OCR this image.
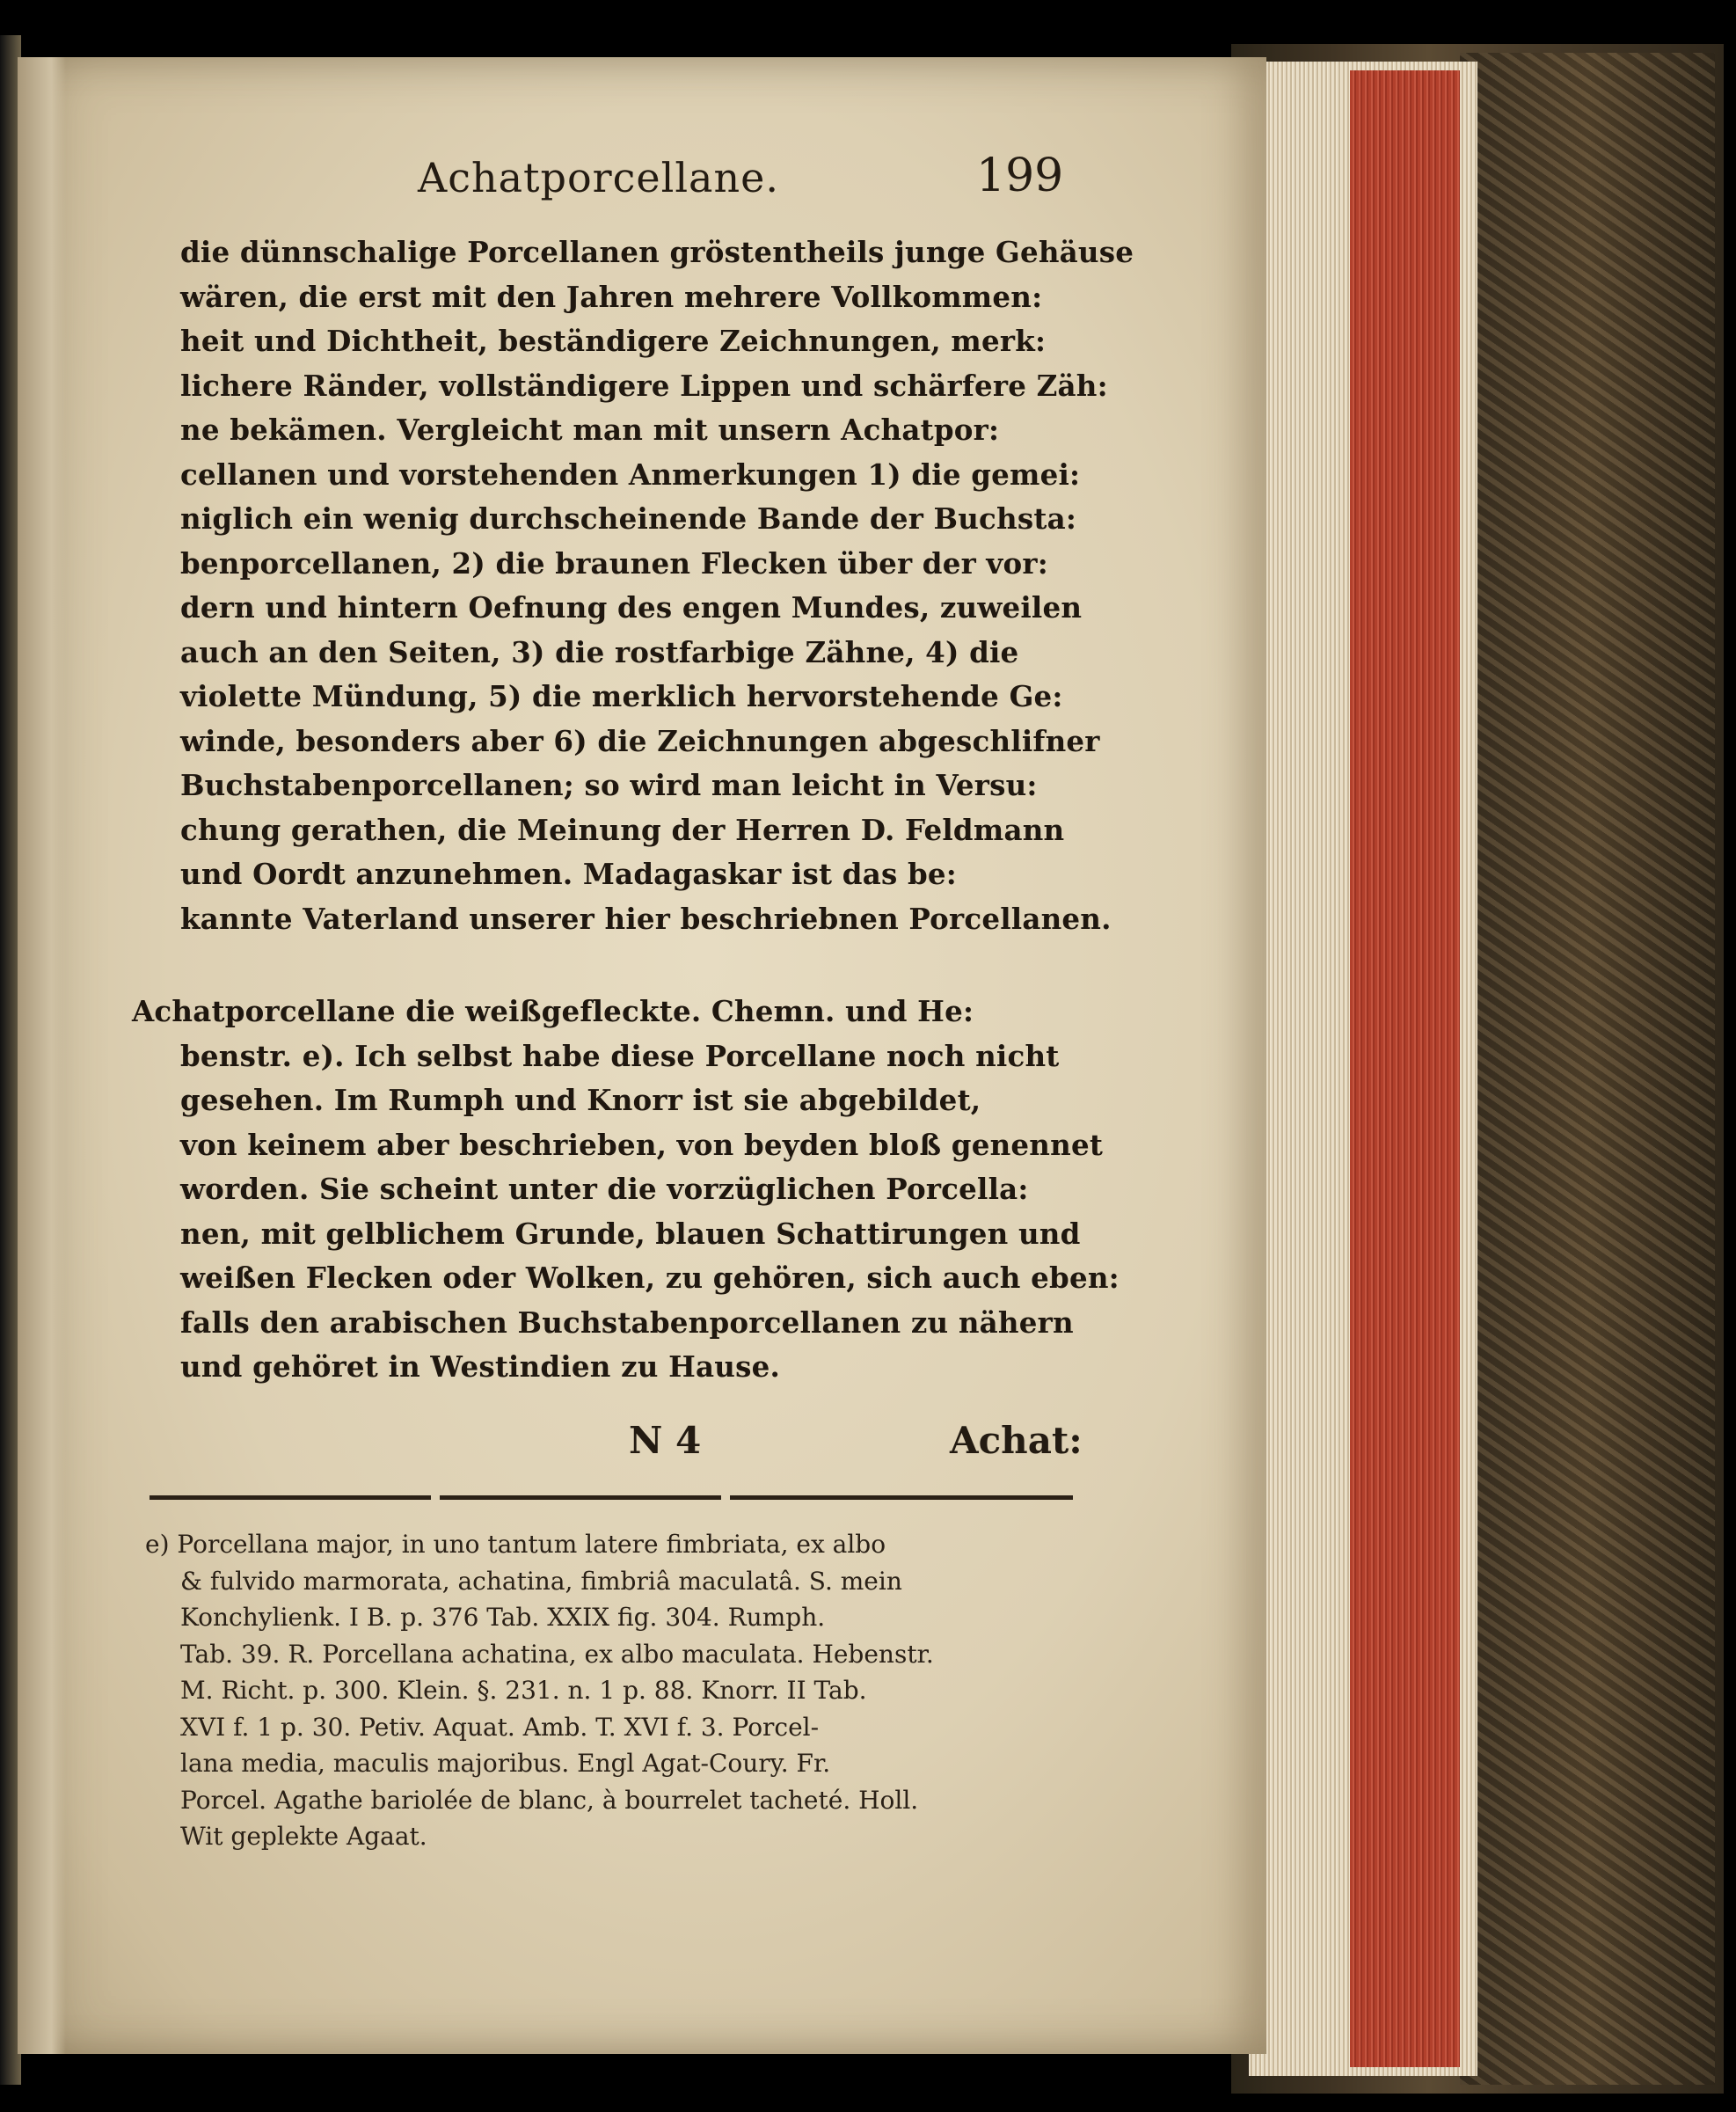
Achatporcellane.	199
die dünnschalige Porcellanen gröstentheils junge Gehäuse
wären, die erst mit den Jahren mehrere Vollkommen:
heit und Dichtheit, beständigere Zeichnungen, merk:
lichere Ränder, vollständigere Lippen und schärfere Zäh:
ne bekämen. Vergleicht man mit unsern Achatpor:
cellanen und vorstehenden Anmerkungen 1) die gemei:
niglich ein wenig durchscheinende Bande der Buchsta:
benporcellanen, 2) die braunen Flecken über der vor:
dern und hintern Oefnung des engen Mundes, zuweilen
auch an den Seiten, 3) die rostfarbige Zähne, 4) die
violette Mündung, 5) die merklich hervorstehende Ge:
winde, besonders aber 6) die Zeichnungen abgeschlifner
Buchstabenporcellanen; so wird man leicht in Versu:
chung gerathen, die Meinung der Herren D. Feldmann
und Oordt anzunehmen. Madagaskar ist das be:
kannte Vaterland unserer hier beschriebnen Porcellanen.
Achatporcellane die weißgefleckte. Chemn. und He:
benstr. e). Ich selbst habe diese Porcellane noch nicht
gesehen. Im Rumph und Knorr ist sie abgebildet,
von keinem aber beschrieben, von beyden bloß genennet
worden. Sie scheint unter die vorzüglichen Porcella:
nen, mit gelblichem Grunde, blauen Schattirungen und
weißen Flecken oder Wolken, zu gehören, sich auch eben:
falls den arabischen Buchstabenporcellanen zu nähern
und gehöret in Westindien zu Hause.
N 4	Achat:
e) Porcellana major, in uno tantum latere fimbriata, ex albo
& fulvido marmorata, achatina, fimbriâ maculatâ. S. mein
Konchylienk. I B. p. 376 Tab. XXIX fig. 304. Rumph.
Tab. 39. R. Porcellana achatina, ex albo maculata. Hebenstr.
M. Richt. p. 300. Klein. §. 231. n. 1 p. 88. Knorr. II Tab.
XVI f. 1 p. 30. Petiv. Aquat. Amb. T. XVI f. 3. Porcel-
lana media, maculis majoribus. Engl Agat-Coury. Fr.
Porcel. Agathe bariolée de blanc, à bourrelet tacheté. Holl.
Wit geplekte Agaat.
